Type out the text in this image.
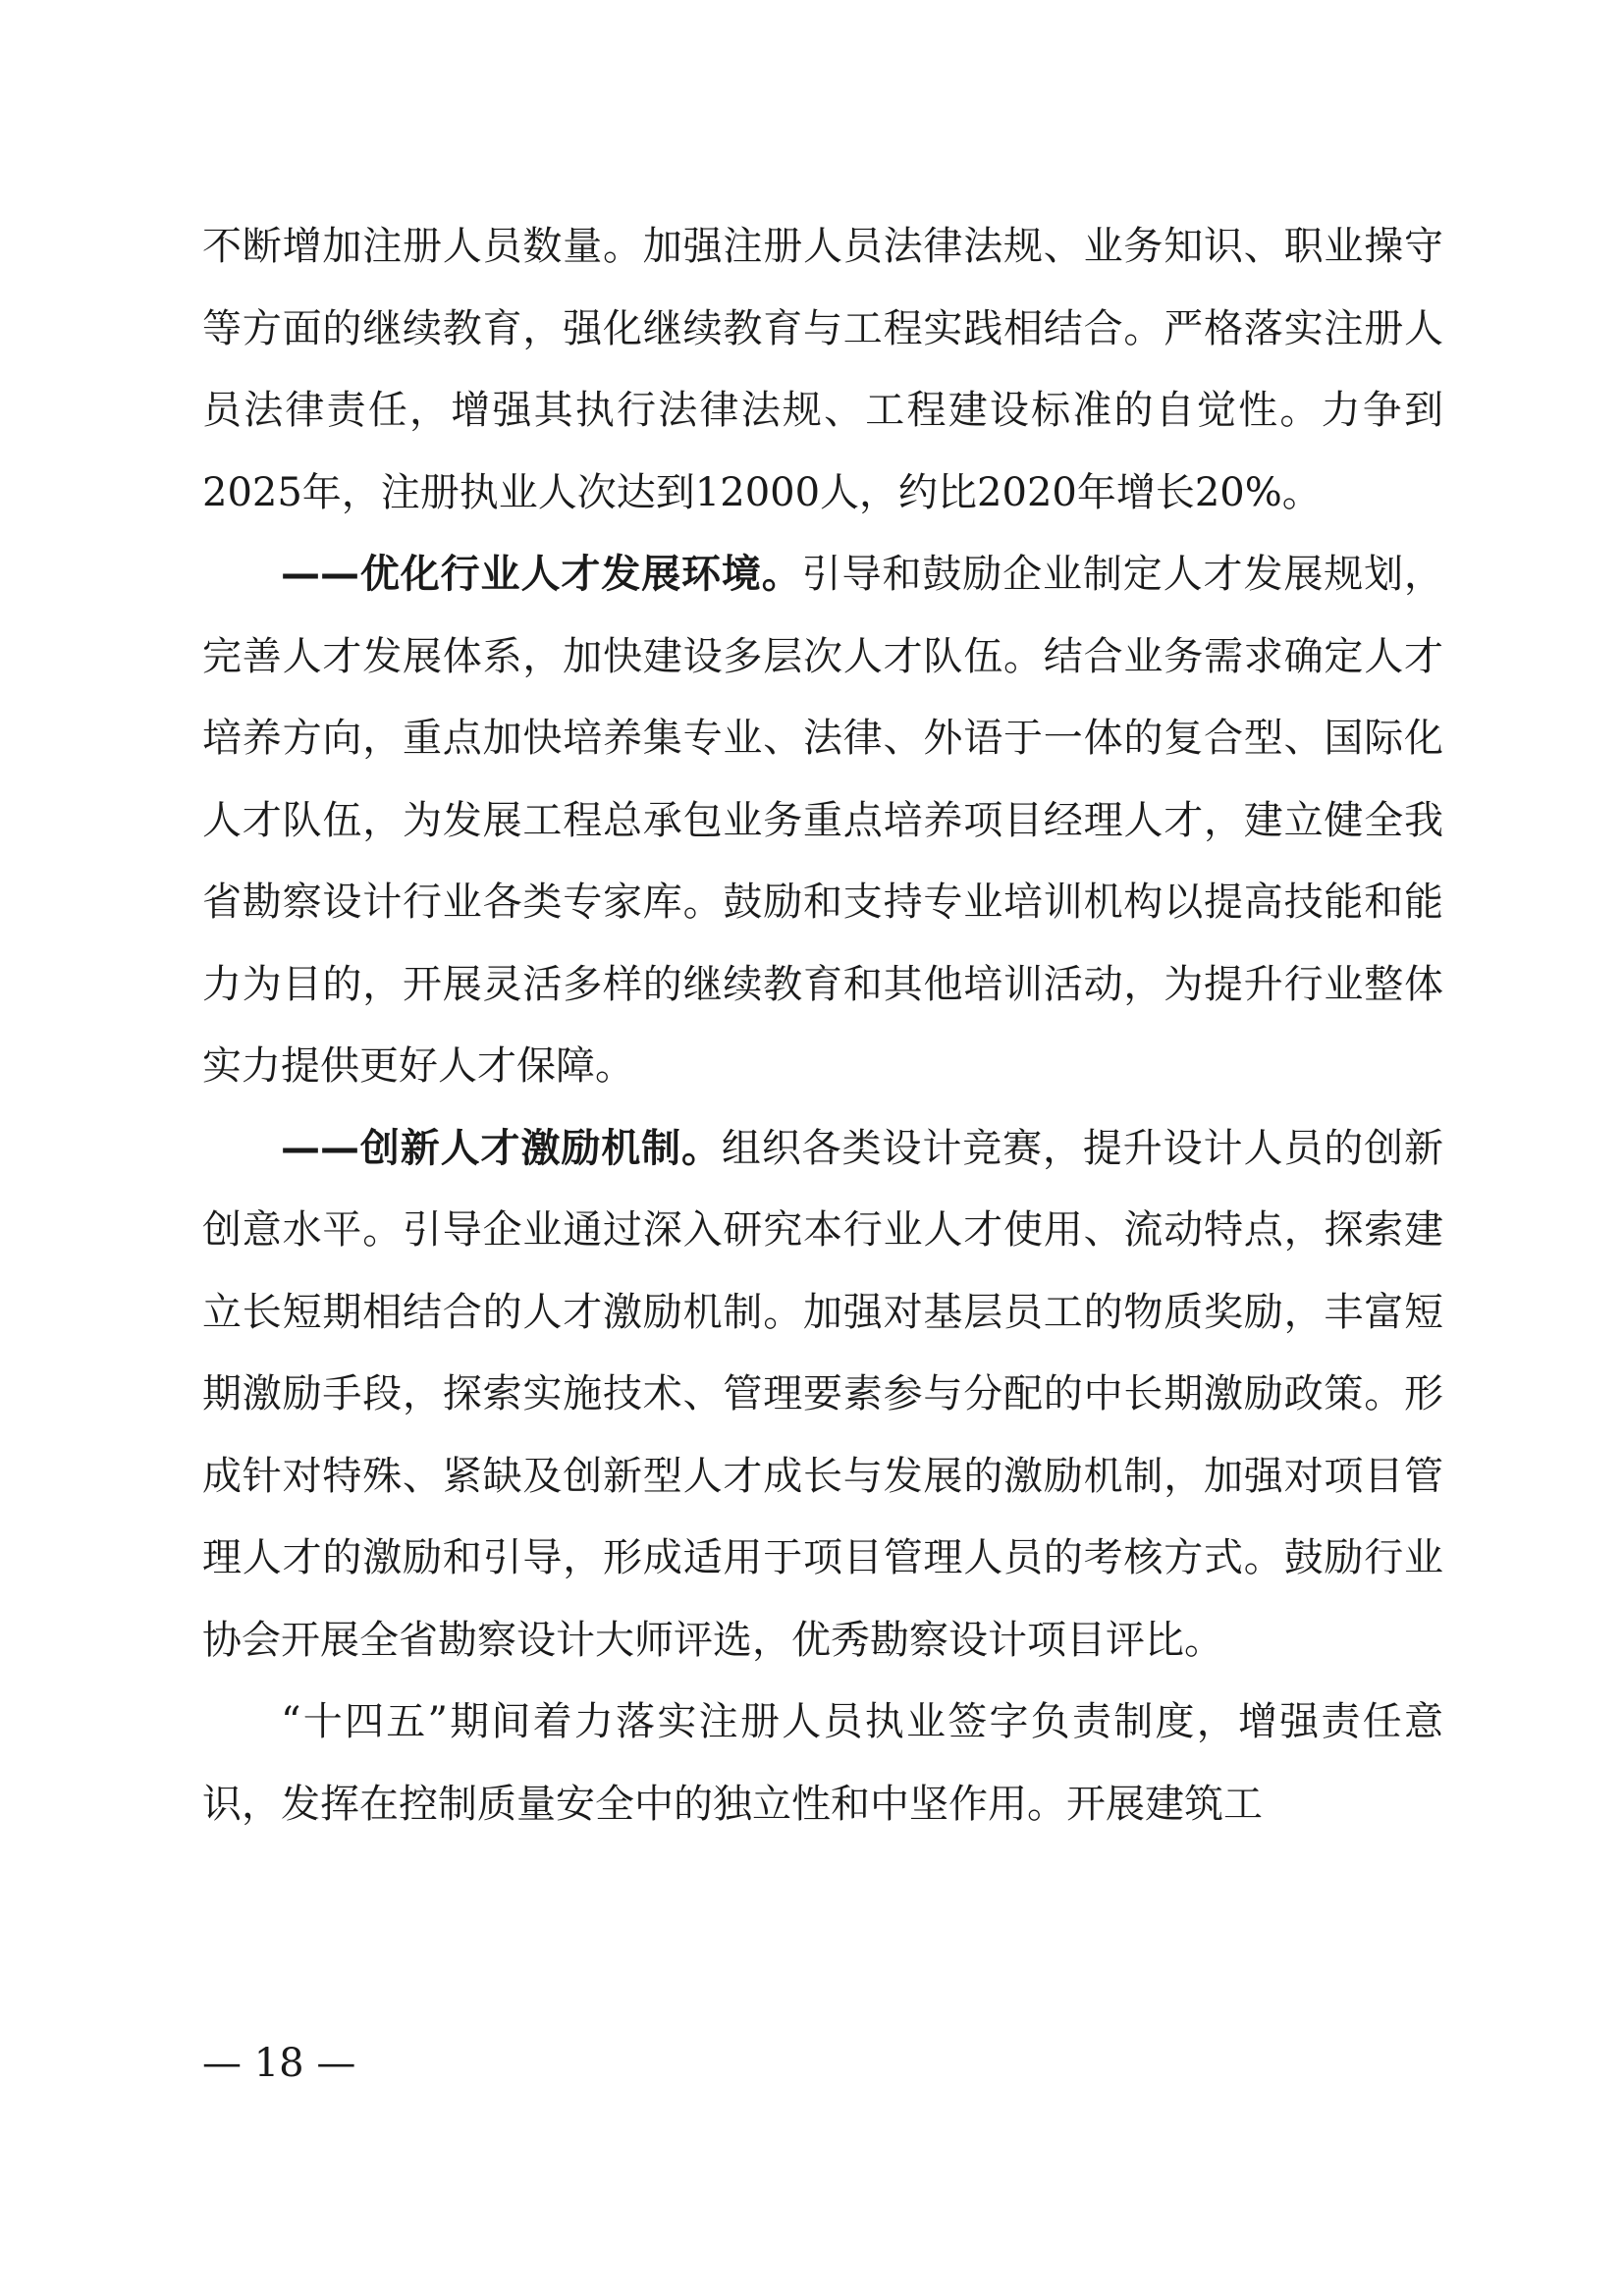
不断增加注册人员数量。加强注册人员法律法规、业务知识、职业操守等方面的继续教育，强化继续教育与工程实践相结合。严格落实注册人员法律责任，增强其执行法律法规、工程建设标准的自觉性。力争到2025年，注册执业人次达到12000人，约比2020年增长20%。

——优化行业人才发展环境。引导和鼓励企业制定人才发展规划，完善人才发展体系，加快建设多层次人才队伍。结合业务需求确定人才培养方向，重点加快培养集专业、法律、外语于一体的复合型、国际化人才队伍，为发展工程总承包业务重点培养项目经理人才，建立健全我省勘察设计行业各类专家库。鼓励和支持专业培训机构以提高技能和能力为目的，开展灵活多样的继续教育和其他培训活动，为提升行业整体实力提供更好人才保障。

——创新人才激励机制。组织各类设计竞赛，提升设计人员的创新创意水平。引导企业通过深入研究本行业人才使用、流动特点，探索建立长短期相结合的人才激励机制。加强对基层员工的物质奖励，丰富短期激励手段，探索实施技术、管理要素参与分配的中长期激励政策。形成针对特殊、紧缺及创新型人才成长与发展的激励机制，加强对项目管理人才的激励和引导，形成适用于项目管理人员的考核方式。鼓励行业协会开展全省勘察设计大师评选，优秀勘察设计项目评比。

“十四五”期间着力落实注册人员执业签字负责制度，增强责任意识，发挥在控制质量安全中的独立性和中坚作用。开展建筑工

— 18 —
